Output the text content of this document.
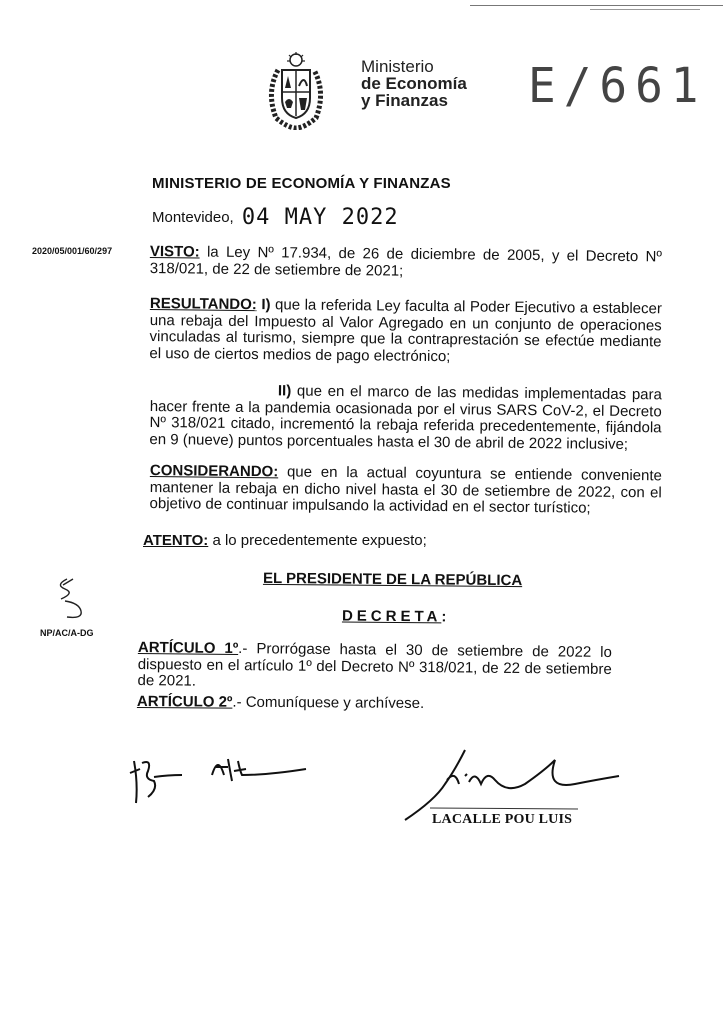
Ministerio
de Economía
y Finanzas	E/661
MINISTERIO DE ECONOMÍA Y FINANZAS
Montevideo, 04 MAY 2022
2020/05/001/60/297	VISTO: la Ley Nº 17.934, de 26 de diciembre de 2005, y el Decreto Nº 318/021, de 22 de setiembre de 2021;
RESULTANDO: I) que la referida Ley faculta al Poder Ejecutivo a establecer una rebaja del Impuesto al Valor Agregado en un conjunto de operaciones vinculadas al turismo, siempre que la contraprestación se efectúe mediante el uso de ciertos medios de pago electrónico;
II) que en el marco de las medidas implementadas para hacer frente a la pandemia ocasionada por el virus SARS CoV-2, el Decreto Nº 318/021 citado, incrementó la rebaja referida precedentemente, fijándola en 9 (nueve) puntos porcentuales hasta el 30 de abril de 2022 inclusive;
CONSIDERANDO: que en la actual coyuntura se entiende conveniente mantener la rebaja en dicho nivel hasta el 30 de setiembre de 2022, con el objetivo de continuar impulsando la actividad en el sector turístico;
ATENTO: a lo precedentemente expuesto;
EL PRESIDENTE DE LA REPÚBLICA
DECRETA:
NP/AC/A-DG
ARTÍCULO 1º.- Prorrógase hasta el 30 de setiembre de 2022 lo dispuesto en el artículo 1º del Decreto Nº 318/021, de 22 de setiembre de 2021.
ARTÍCULO 2º.- Comuníquese y archívese.
LACALLE POU LUIS
